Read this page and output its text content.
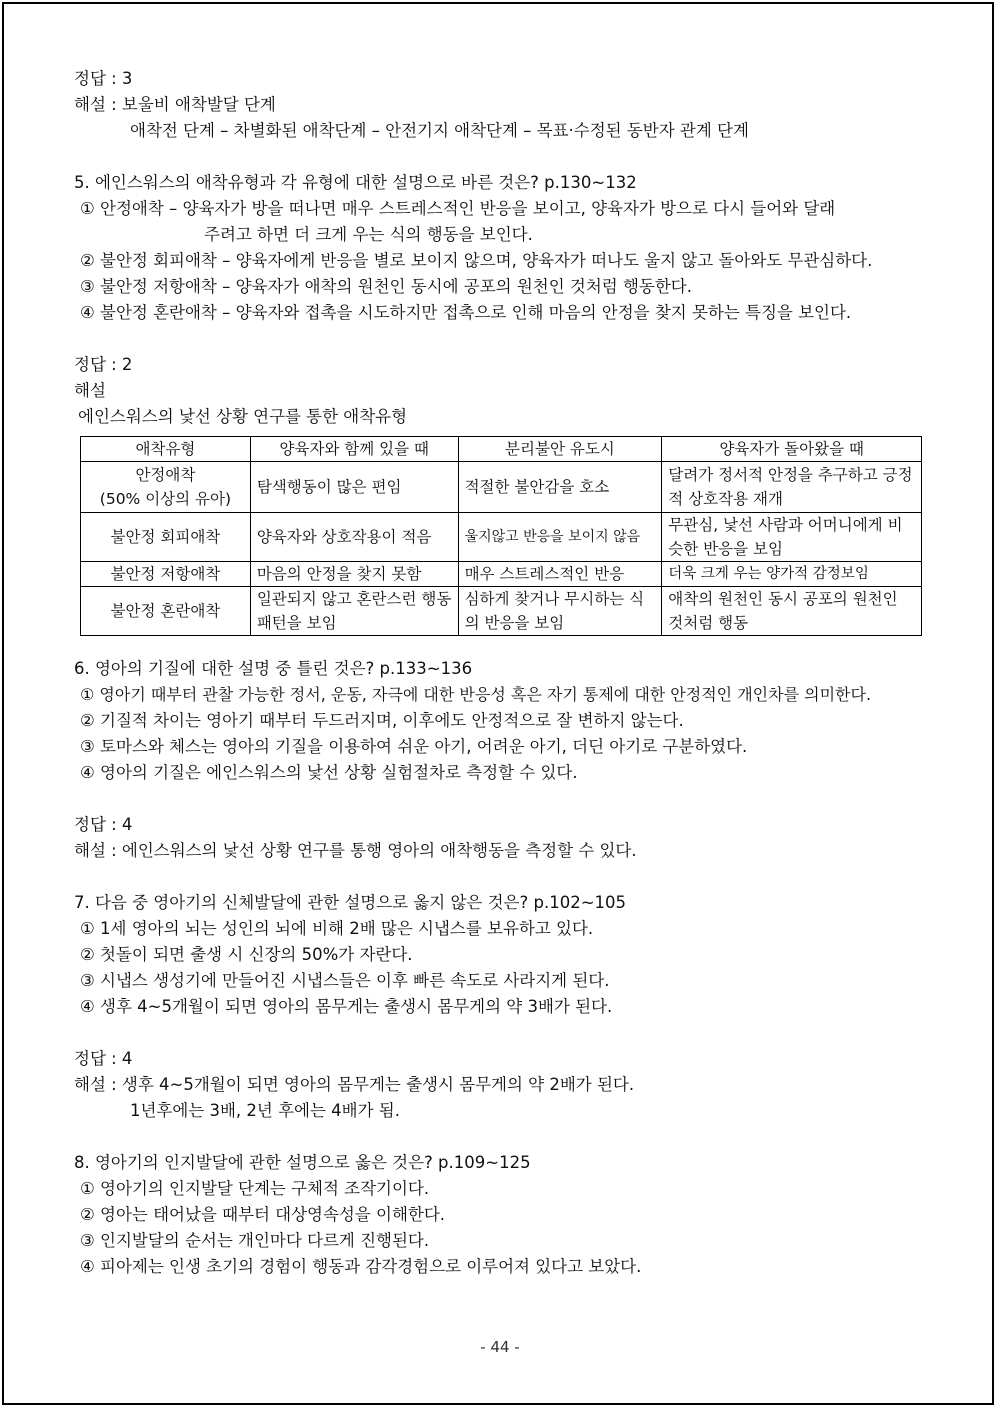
정답 : 3
해설 : 보울비 애착발달 단계
애착전 단계 – 차별화된 애착단계 – 안전기지 애착단계 – 목표·수정된 동반자 관계 단계
5. 에인스워스의 애착유형과 각 유형에 대한 설명으로 바른 것은? p.130~132
① 안정애착 – 양육자가 방을 떠나면 매우 스트레스적인 반응을 보이고, 양육자가 방으로 다시 들어와 달래
주려고 하면 더 크게 우는 식의 행동을 보인다.
② 불안정 회피애착 – 양육자에게 반응을 별로 보이지 않으며, 양육자가 떠나도 울지 않고 돌아와도 무관심하다.
③ 불안정 저항애착 – 양육자가 애착의 원천인 동시에 공포의 원천인 것처럼 행동한다.
④ 불안정 혼란애착 – 양육자와 접촉을 시도하지만 접촉으로 인해 마음의 안정을 찾지 못하는 특징을 보인다.
정답 : 2
해설
에인스워스의 낯선 상황 연구를 통한 애착유형
애착유형	양육자와 함께 있을 때	분리불안 유도시	양육자가 돌아왔을 때
안정애착
(50% 이상의 유아)	탐색행동이 많은 편임	적절한 불안감을 호소	달려가 정서적 안정을 추구하고 긍정적 상호작용 재개
불안정 회피애착	양육자와 상호작용이 적음	울지않고 반응을 보이지 않음	무관심, 낯선 사람과 어머니에게 비슷한 반응을 보임
불안정 저항애착	마음의 안정을 찾지 못함	매우 스트레스적인 반응	더욱 크게 우는 양가적 감정보임
불안정 혼란애착	일관되지 않고 혼란스런 행동 패턴을 보임	심하게 찾거나 무시하는 식의 반응을 보임	애착의 원천인 동시 공포의 원천인 것처럼 행동
6. 영아의 기질에 대한 설명 중 틀린 것은? p.133~136
① 영아기 때부터 관찰 가능한 정서, 운동, 자극에 대한 반응성 혹은 자기 통제에 대한 안정적인 개인차를 의미한다.
② 기질적 차이는 영아기 때부터 두드러지며, 이후에도 안정적으로 잘 변하지 않는다.
③ 토마스와 체스는 영아의 기질을 이용하여 쉬운 아기, 어려운 아기, 더딘 아기로 구분하였다.
④ 영아의 기질은 에인스워스의 낯선 상황 실험절차로 측정할 수 있다.
정답 : 4
해설 : 에인스워스의 낯선 상황 연구를 통행 영아의 애착행동을 측정할 수 있다.
7. 다음 중 영아기의 신체발달에 관한 설명으로 옳지 않은 것은? p.102~105
① 1세 영아의 뇌는 성인의 뇌에 비해 2배 많은 시냅스를 보유하고 있다.
② 첫돌이 되면 출생 시 신장의 50%가 자란다.
③ 시냅스 생성기에 만들어진 시냅스들은 이후 빠른 속도로 사라지게 된다.
④ 생후 4~5개월이 되면 영아의 몸무게는 출생시 몸무게의 약 3배가 된다.
정답 : 4
해설 : 생후 4~5개월이 되면 영아의 몸무게는 출생시 몸무게의 약 2배가 된다.
1년후에는 3배, 2년 후에는 4배가 됨.
8. 영아기의 인지발달에 관한 설명으로 옳은 것은? p.109~125
① 영아기의 인지발달 단계는 구체적 조작기이다.
② 영아는 태어났을 때부터 대상영속성을 이해한다.
③ 인지발달의 순서는 개인마다 다르게 진행된다.
④ 피아제는 인생 초기의 경험이 행동과 감각경험으로 이루어져 있다고 보았다.
- 44 -
